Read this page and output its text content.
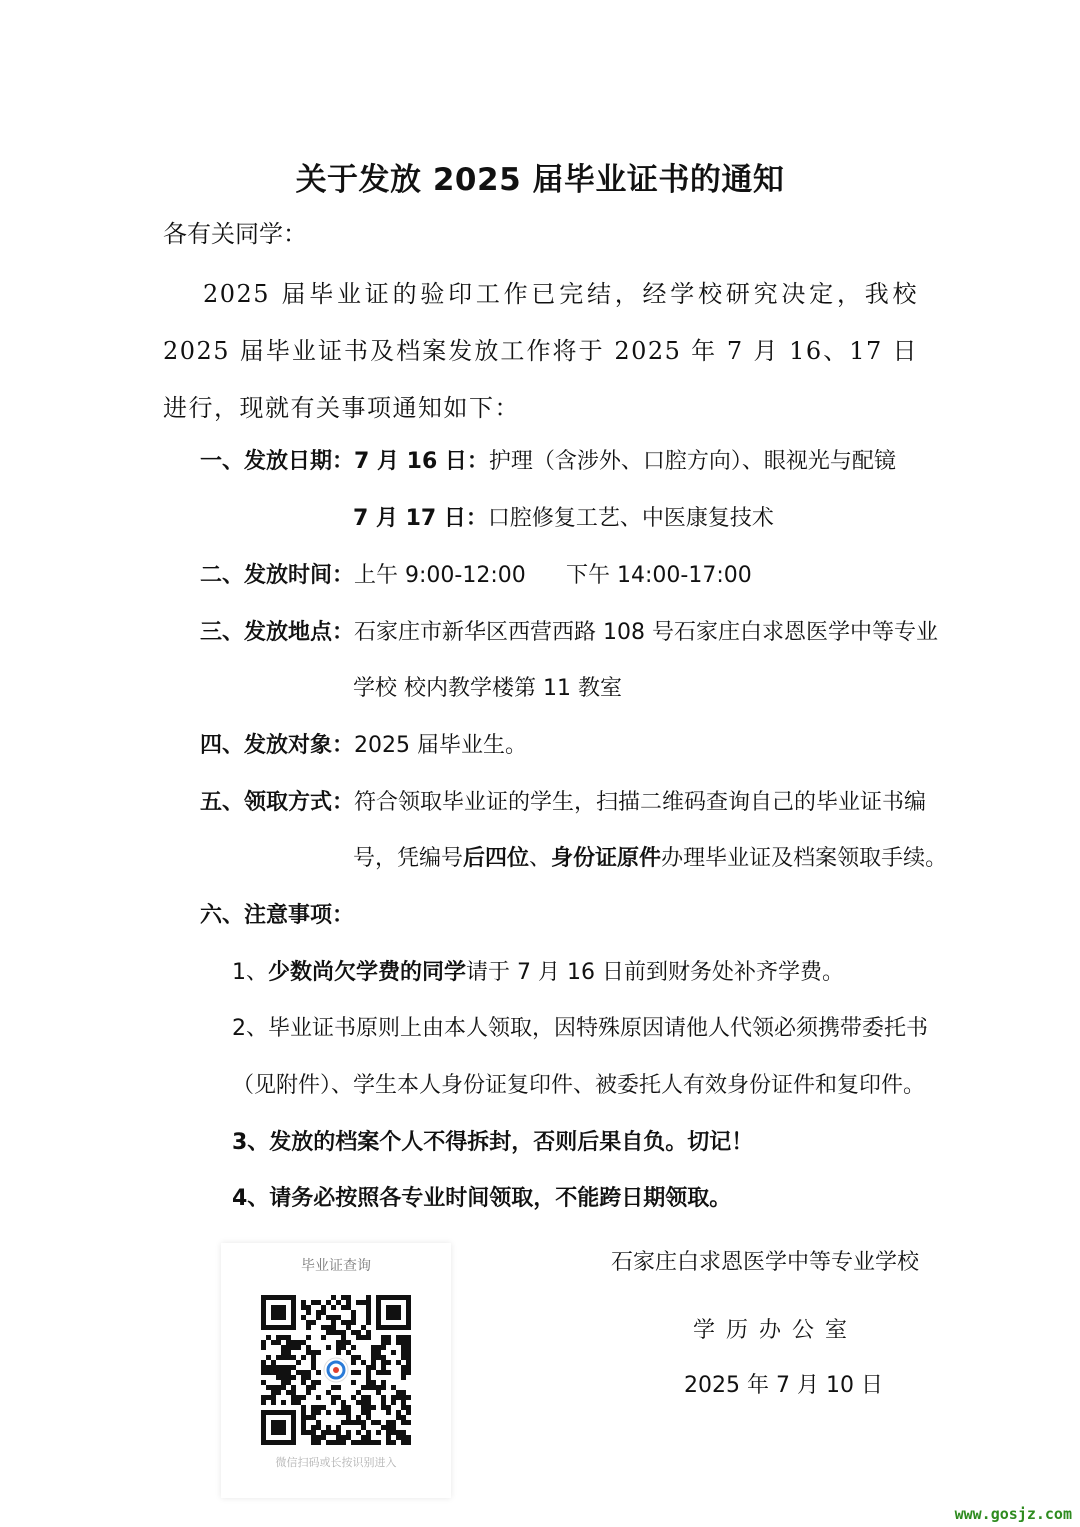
关于发放 2025 届毕业证书的通知
各有关同学：
2025 届毕业证的验印工作已完结，经学校研究决定，我校 2025 届毕业证书及档案发放工作将于 2025 年 7 月 16、17 日进行，现就有关事项通知如下：
一、发放日期：7 月 16 日：护理（含涉外、口腔方向）、眼视光与配镜
7 月 17 日：口腔修复工艺、中医康复技术
二、发放时间：上午 9:00-12:00 下午 14:00-17:00
三、发放地点：石家庄市新华区西营西路 108 号石家庄白求恩医学中等专业
学校 校内教学楼第 11 教室
四、发放对象：2025 届毕业生。
五、领取方式：符合领取毕业证的学生，扫描二维码查询自己的毕业证书编
号，凭编号后四位、身份证原件办理毕业证及档案领取手续。
六、注意事项：
1、少数尚欠学费的同学请于 7 月 16 日前到财务处补齐学费。
2、毕业证书原则上由本人领取，因特殊原因请他人代领必须携带委托书
（见附件）、学生本人身份证复印件、被委托人有效身份证件和复印件。
3、发放的档案个人不得拆封，否则后果自负。切记！
4、请务必按照各专业时间领取，不能跨日期领取。
毕业证查询
微信扫码或长按识别进入
石家庄白求恩医学中等专业学校
学 历 办 公 室
2025 年 7 月 10 日
www.gosjz.com
